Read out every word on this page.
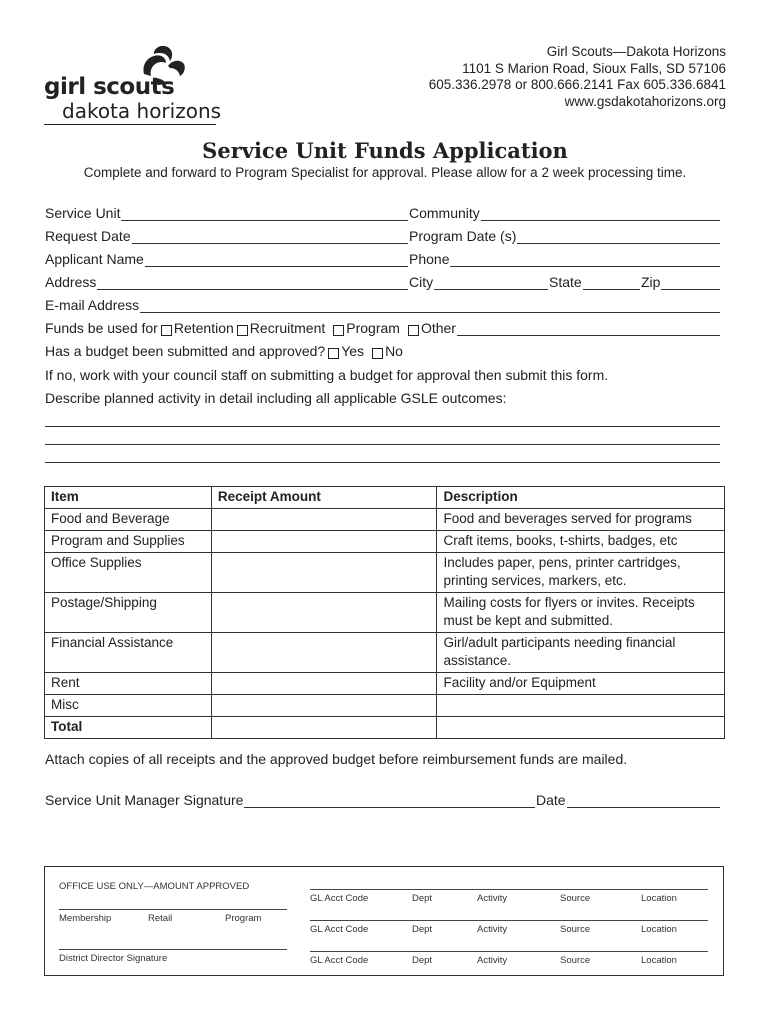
girl scouts
dakota horizons
Girl Scouts—Dakota Horizons
1101 S Marion Road, Sioux Falls, SD 57106
605.336.2978 or 800.666.2141 Fax 605.336.6841
www.gsdakotahorizons.org
Service Unit Funds Application
Complete and forward to Program Specialist for approval. Please allow for a 2 week processing time.
Service Unit	Community
Request Date	Program Date (s)
Applicant Name	Phone
Address	City	State	Zip
E-mail Address
Funds be used for Retention Recruitment Program Other
Has a budget been submitted and approved? Yes No
If no, work with your council staff on submitting a budget for approval then submit this form.
Describe planned activity in detail including all applicable GSLE outcomes:
Item	Receipt Amount	Description
Food and Beverage		Food and beverages served for programs
Program and Supplies		Craft items, books, t-shirts, badges, etc
Office Supplies		Includes paper, pens, printer cartridges, printing services, markers, etc.
Postage/Shipping		Mailing costs for flyers or invites. Receipts must be kept and submitted.
Financial Assistance		Girl/adult participants needing financial assistance.
Rent		Facility and/or Equipment
Misc		
Total		
Attach copies of all receipts and the approved budget before reimbursement funds are mailed.
Service Unit Manager Signature	Date
OFFICE USE ONLY—AMOUNT APPROVED
Membership	Retail	Program
District Director Signature
GL Acct Code	Dept	Activity	Source	Location
GL Acct Code	Dept	Activity	Source	Location
GL Acct Code	Dept	Activity	Source	Location
